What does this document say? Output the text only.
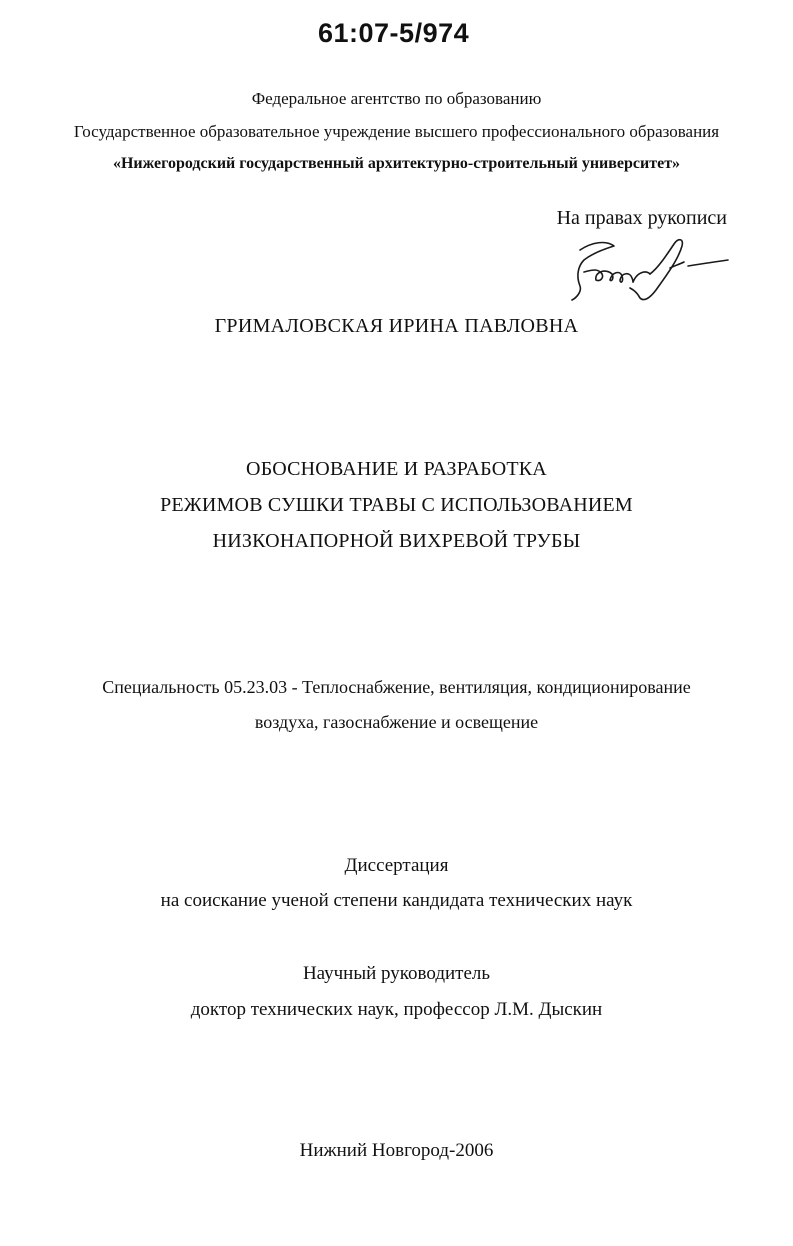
61:07-5/974
Федеральное агентство по образованию
Государственное образовательное учреждение высшего профессионального образования
«Нижегородский государственный архитектурно-строительный университет»
На правах рукописи
ГРИМАЛОВСКАЯ ИРИНА ПАВЛОВНА
ОБОСНОВАНИЕ И РАЗРАБОТКА
РЕЖИМОВ СУШКИ ТРАВЫ С ИСПОЛЬЗОВАНИЕМ
НИЗКОНАПОРНОЙ ВИХРЕВОЙ ТРУБЫ
Специальность 05.23.03 - Теплоснабжение, вентиляция, кондиционирование
воздуха, газоснабжение и освещение
Диссертация
на соискание ученой степени кандидата технических наук
Научный руководитель
доктор технических наук, профессор Л.М. Дыскин
Нижний Новгород-2006
